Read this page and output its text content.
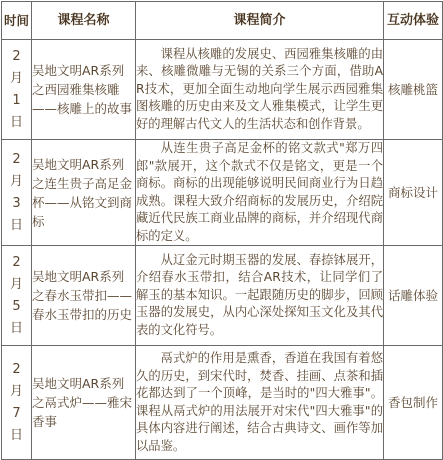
时间	课程名称	课程简介	互动体验

2
月
1
日	吴地文明AR系列之西园雅集核雕——核雕上的故事	课程从核雕的发展史、西园雅集核雕的由来、核雕微雕与无锡的关系三个方面，借助AR技术，更加全面生动地向学生展示西园雅集图核雕的历史由来及文人雅集模式，让学生更好的理解古代文人的生活状态和创作背景。	核雕桃篮

2
月
3
日	吴地文明AR系列之连生贵子高足金杯——从铭文到商标	从连生贵子高足金杯的铭文款式"郑万四郎"款展开，这个款式不仅是铭文，更是一个商标。商标的出现能够说明民间商业行为日趋成熟。课程大致介绍商标的发展历史，介绍院藏近代民族工商业品牌的商标，并介绍现代商标的定义。	商标设计

2
月
5
日	吴地文明AR系列之春水玉带扣——春水玉带扣的历史	从辽金元时期玉器的发展、春捺钵展开，介绍春水玉带扣，结合AR技术，让同学们了解玉的基本知识。一起跟随历史的脚步，回顾玉器的发展史，从内心深处探知玉文化及其代表的文化符号。	话雕体验

2
月
7
日	吴地文明AR系列之鬲式炉——雅宋香事	鬲式炉的作用是熏香，香道在我国有着悠久的历史，到宋代时，焚香、挂画、点茶和插花都达到了一个顶峰，是当时的"四大雅事"。课程从鬲式炉的用法展开对宋代"四大雅事"的具体内容进行阐述，结合古典诗文、画作等加以品鉴。	香包制作
